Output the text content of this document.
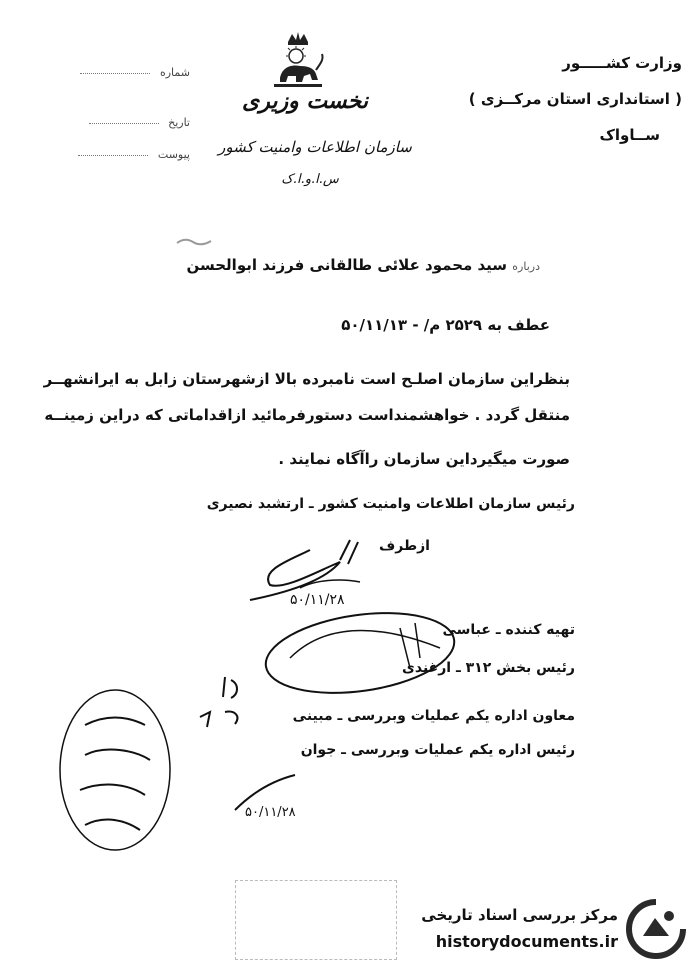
شماره
تاریخ
پیوست
نخست وزیری
سازمان اطلاعات وامنیت کشور
س.ا.و.ا.ک
وزارت کشـــــور
( استانداری استان مرکــزی )
ســاواک
درباره سید محمود علائی طالقانی فرزند ابوالحسن
عطف به ۲۵۲۹ م/ - ۵۰/۱۱/۱۳
بنظراین سازمان اصلـح است نامبرده بالا ازشهرستان زابل به ایرانشهــر
منتقل گردد . خواهشمنداست دستورفرمائید ازاقداماتی که دراین زمینــه
صورت میگیرداین سازمان راآگاه نمایند .
رئیس سازمان اطلاعات وامنیت کشور ـ ارتشبد نصیری
ازطرف
۵۰/۱۱/۲۸
تهیه کننده ـ عباسی
رئیس بخش ۳۱۲ ـ ارغندی
معاون اداره یکم عملیات وبررسی ـ مبینی
رئیس اداره یکم عملیات وبررسی ـ جوان
۵۰/۱۱/۲۸
مرکز بررسی اسناد تاریخی
historydocuments.ir
